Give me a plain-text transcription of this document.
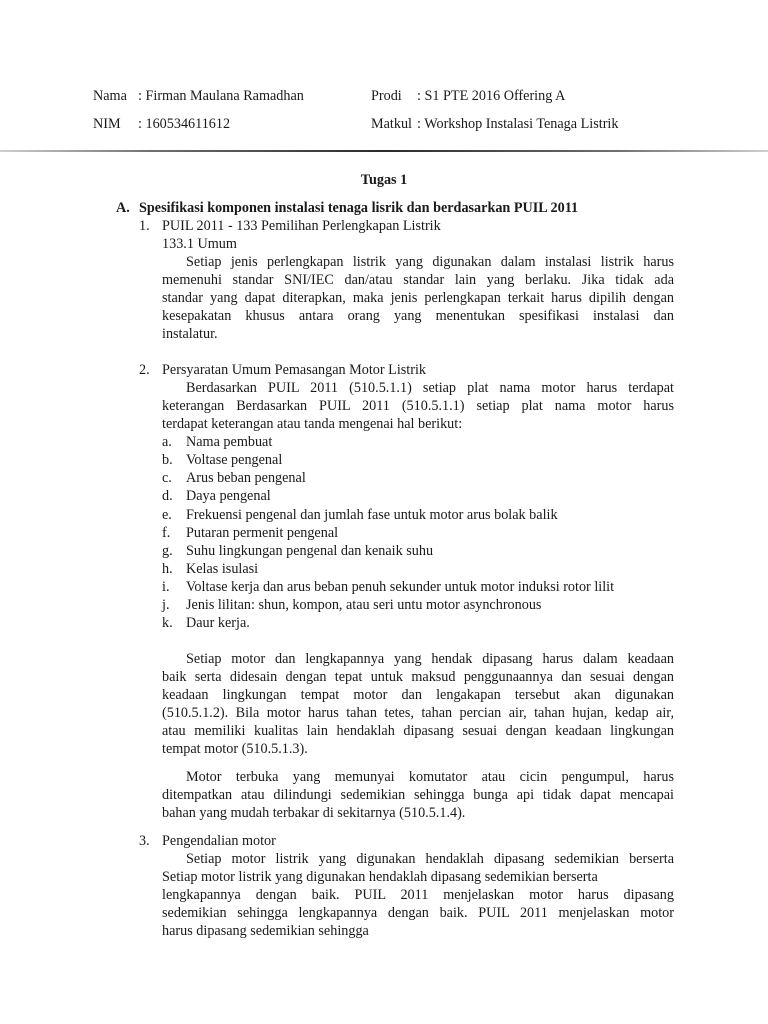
Nama : Firman Maulana Ramadhan	Prodi : S1 PTE 2016 Offering A
NIM : 160534611612	Matkul : Workshop Instalasi Tenaga Listrik
Tugas 1
A. Spesifikasi komponen instalasi tenaga lisrik dan berdasarkan PUIL 2011
1. PUIL 2011 - 133 Pemilihan Perlengkapan Listrik
133.1 Umum
Setiap jenis perlengkapan listrik yang digunakan dalam instalasi listrik harus
memenuhi standar SNI/IEC dan/atau standar lain yang berlaku. Jika tidak ada
standar yang dapat diterapkan, maka jenis perlengkapan terkait harus dipilih dengan
kesepakatan khusus antara orang yang menentukan spesifikasi instalasi dan
instalatur.
2. Persyaratan Umum Pemasangan Motor Listrik
Berdasarkan PUIL 2011 (510.5.1.1) setiap plat nama motor harus terdapat
keterangan Berdasarkan PUIL 2011 (510.5.1.1) setiap plat nama motor harus
terdapat keterangan atau tanda mengenai hal berikut:
a. Nama pembuat
b. Voltase pengenal
c. Arus beban pengenal
d. Daya pengenal
e. Frekuensi pengenal dan jumlah fase untuk motor arus bolak balik
f. Putaran permenit pengenal
g. Suhu lingkungan pengenal dan kenaik suhu
h. Kelas isulasi
i. Voltase kerja dan arus beban penuh sekunder untuk motor induksi rotor lilit
j. Jenis lilitan: shun, kompon, atau seri untu motor asynchronous
k. Daur kerja.
Setiap motor dan lengkapannya yang hendak dipasang harus dalam keadaan
baik serta didesain dengan tepat untuk maksud penggunaannya dan sesuai dengan
keadaan lingkungan tempat motor dan lengakapan tersebut akan digunakan
(510.5.1.2). Bila motor harus tahan tetes, tahan percian air, tahan hujan, kedap air,
atau memiliki kualitas lain hendaklah dipasang sesuai dengan keadaan lingkungan
tempat motor (510.5.1.3).
Motor terbuka yang memunyai komutator atau cicin pengumpul, harus
ditempatkan atau dilindungi sedemikian sehingga bunga api tidak dapat mencapai
bahan yang mudah terbakar di sekitarnya (510.5.1.4).
3. Pengendalian motor
Setiap motor listrik yang digunakan hendaklah dipasang sedemikian berserta
Setiap motor listrik yang digunakan hendaklah dipasang sedemikian berserta
lengkapannya dengan baik. PUIL 2011 menjelaskan motor harus dipasang
sedemikian sehingga lengkapannya dengan baik. PUIL 2011 menjelaskan motor
harus dipasang sedemikian sehingga
